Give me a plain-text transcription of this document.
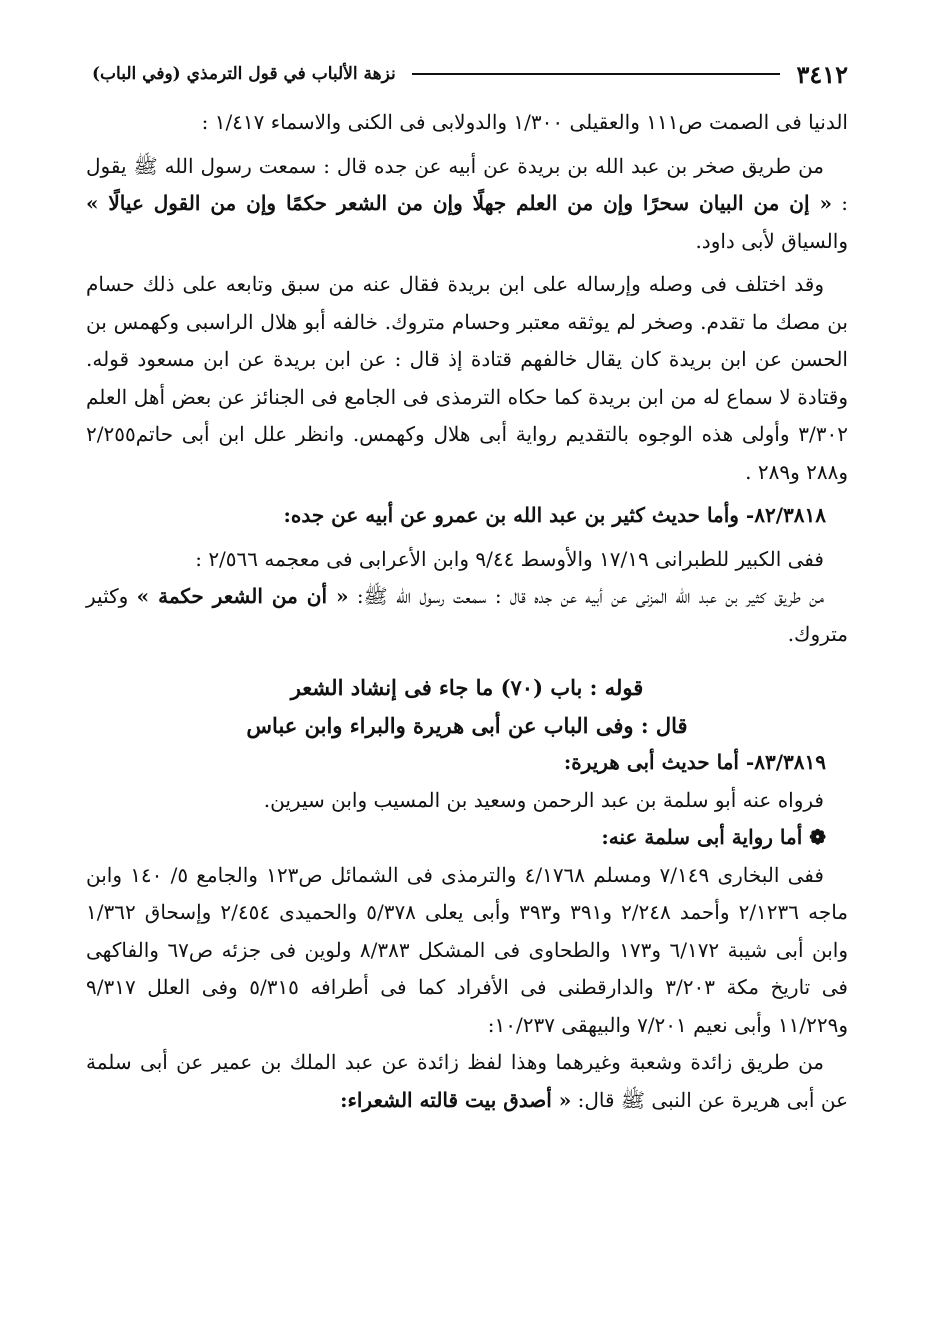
٣٤١٢
نزهة الألباب في قول الترمذي (وفي الباب)

الدنيا فى الصمت ص١١١ والعقيلى ١/٣٠٠ والدولابى فى الكنى والاسماء ١/٤١٧ :

من طريق صخر بن عبد الله بن بريدة عن أبيه عن جده قال : سمعت رسول الله ﷺ يقول : « إن من البيان سحرًا وإن من العلم جهلًا وإن من الشعر حكمًا وإن من القول عيالًا » والسياق لأبى داود.

وقد اختلف فى وصله وإرساله على ابن بريدة فقال عنه من سبق وتابعه على ذلك حسام بن مصك ما تقدم. وصخر لم يوثقه معتبر وحسام متروك. خالفه أبو هلال الراسبى وكهمس بن الحسن عن ابن بريدة كان يقال خالفهم قتادة إذ قال : عن ابن بريدة عن ابن مسعود قوله. وقتادة لا سماع له من ابن بريدة كما حكاه الترمذى فى الجامع فى الجنائز عن بعض أهل العلم ٣/٣٠٢ وأولى هذه الوجوه بالتقديم رواية أبى هلال وكهمس. وانظر علل ابن أبى حاتم٢/٢٥٥ و٢٨٨ و٢٨٩ .

٨٢/٣٨١٨- وأما حديث كثير بن عبد الله بن عمرو عن أبيه عن جده:

ففى الكبير للطبرانى ١٧/١٩ والأوسط ٩/٤٤ وابن الأعرابى فى معجمه ٢/٥٦٦ :

من طريق كثير بن عبد الله المزنى عن أبيه عن جده قال : سمعت رسول الله ﷺ: « أن من الشعر حكمة » وكثير متروك.

قوله : باب (٧٠) ما جاء فى إنشاد الشعر

قال : وفى الباب عن أبى هريرة والبراء وابن عباس

٨٣/٣٨١٩- أما حديث أبى هريرة:

فرواه عنه أبو سلمة بن عبد الرحمن وسعيد بن المسيب وابن سيرين.

❁ أما رواية أبى سلمة عنه:

ففى البخارى ٧/١٤٩ ومسلم ٤/١٧٦٨ والترمذى فى الشمائل ص١٢٣ والجامع ٥/ ١٤٠ وابن ماجه ٢/١٢٣٦ وأحمد ٢/٢٤٨ و٣٩١ و٣٩٣ وأبى يعلى ٥/٣٧٨ والحميدى ٢/٤٥٤ وإسحاق ١/٣٦٢ وابن أبى شيبة ٦/١٧٢ و١٧٣ والطحاوى فى المشكل ٨/٣٨٣ ولوين فى جزئه ص٦٧ والفاكهى فى تاريخ مكة ٣/٢٠٣ والدارقطنى فى الأفراد كما فى أطرافه ٥/٣١٥ وفى العلل ٩/٣١٧ و١١/٢٢٩ وأبى نعيم ٧/٢٠١ والبيهقى ١٠/٢٣٧:

من طريق زائدة وشعبة وغيرهما وهذا لفظ زائدة عن عبد الملك بن عمير عن أبى سلمة عن أبى هريرة عن النبى ﷺ قال: « أصدق بيت قالته الشعراء:
